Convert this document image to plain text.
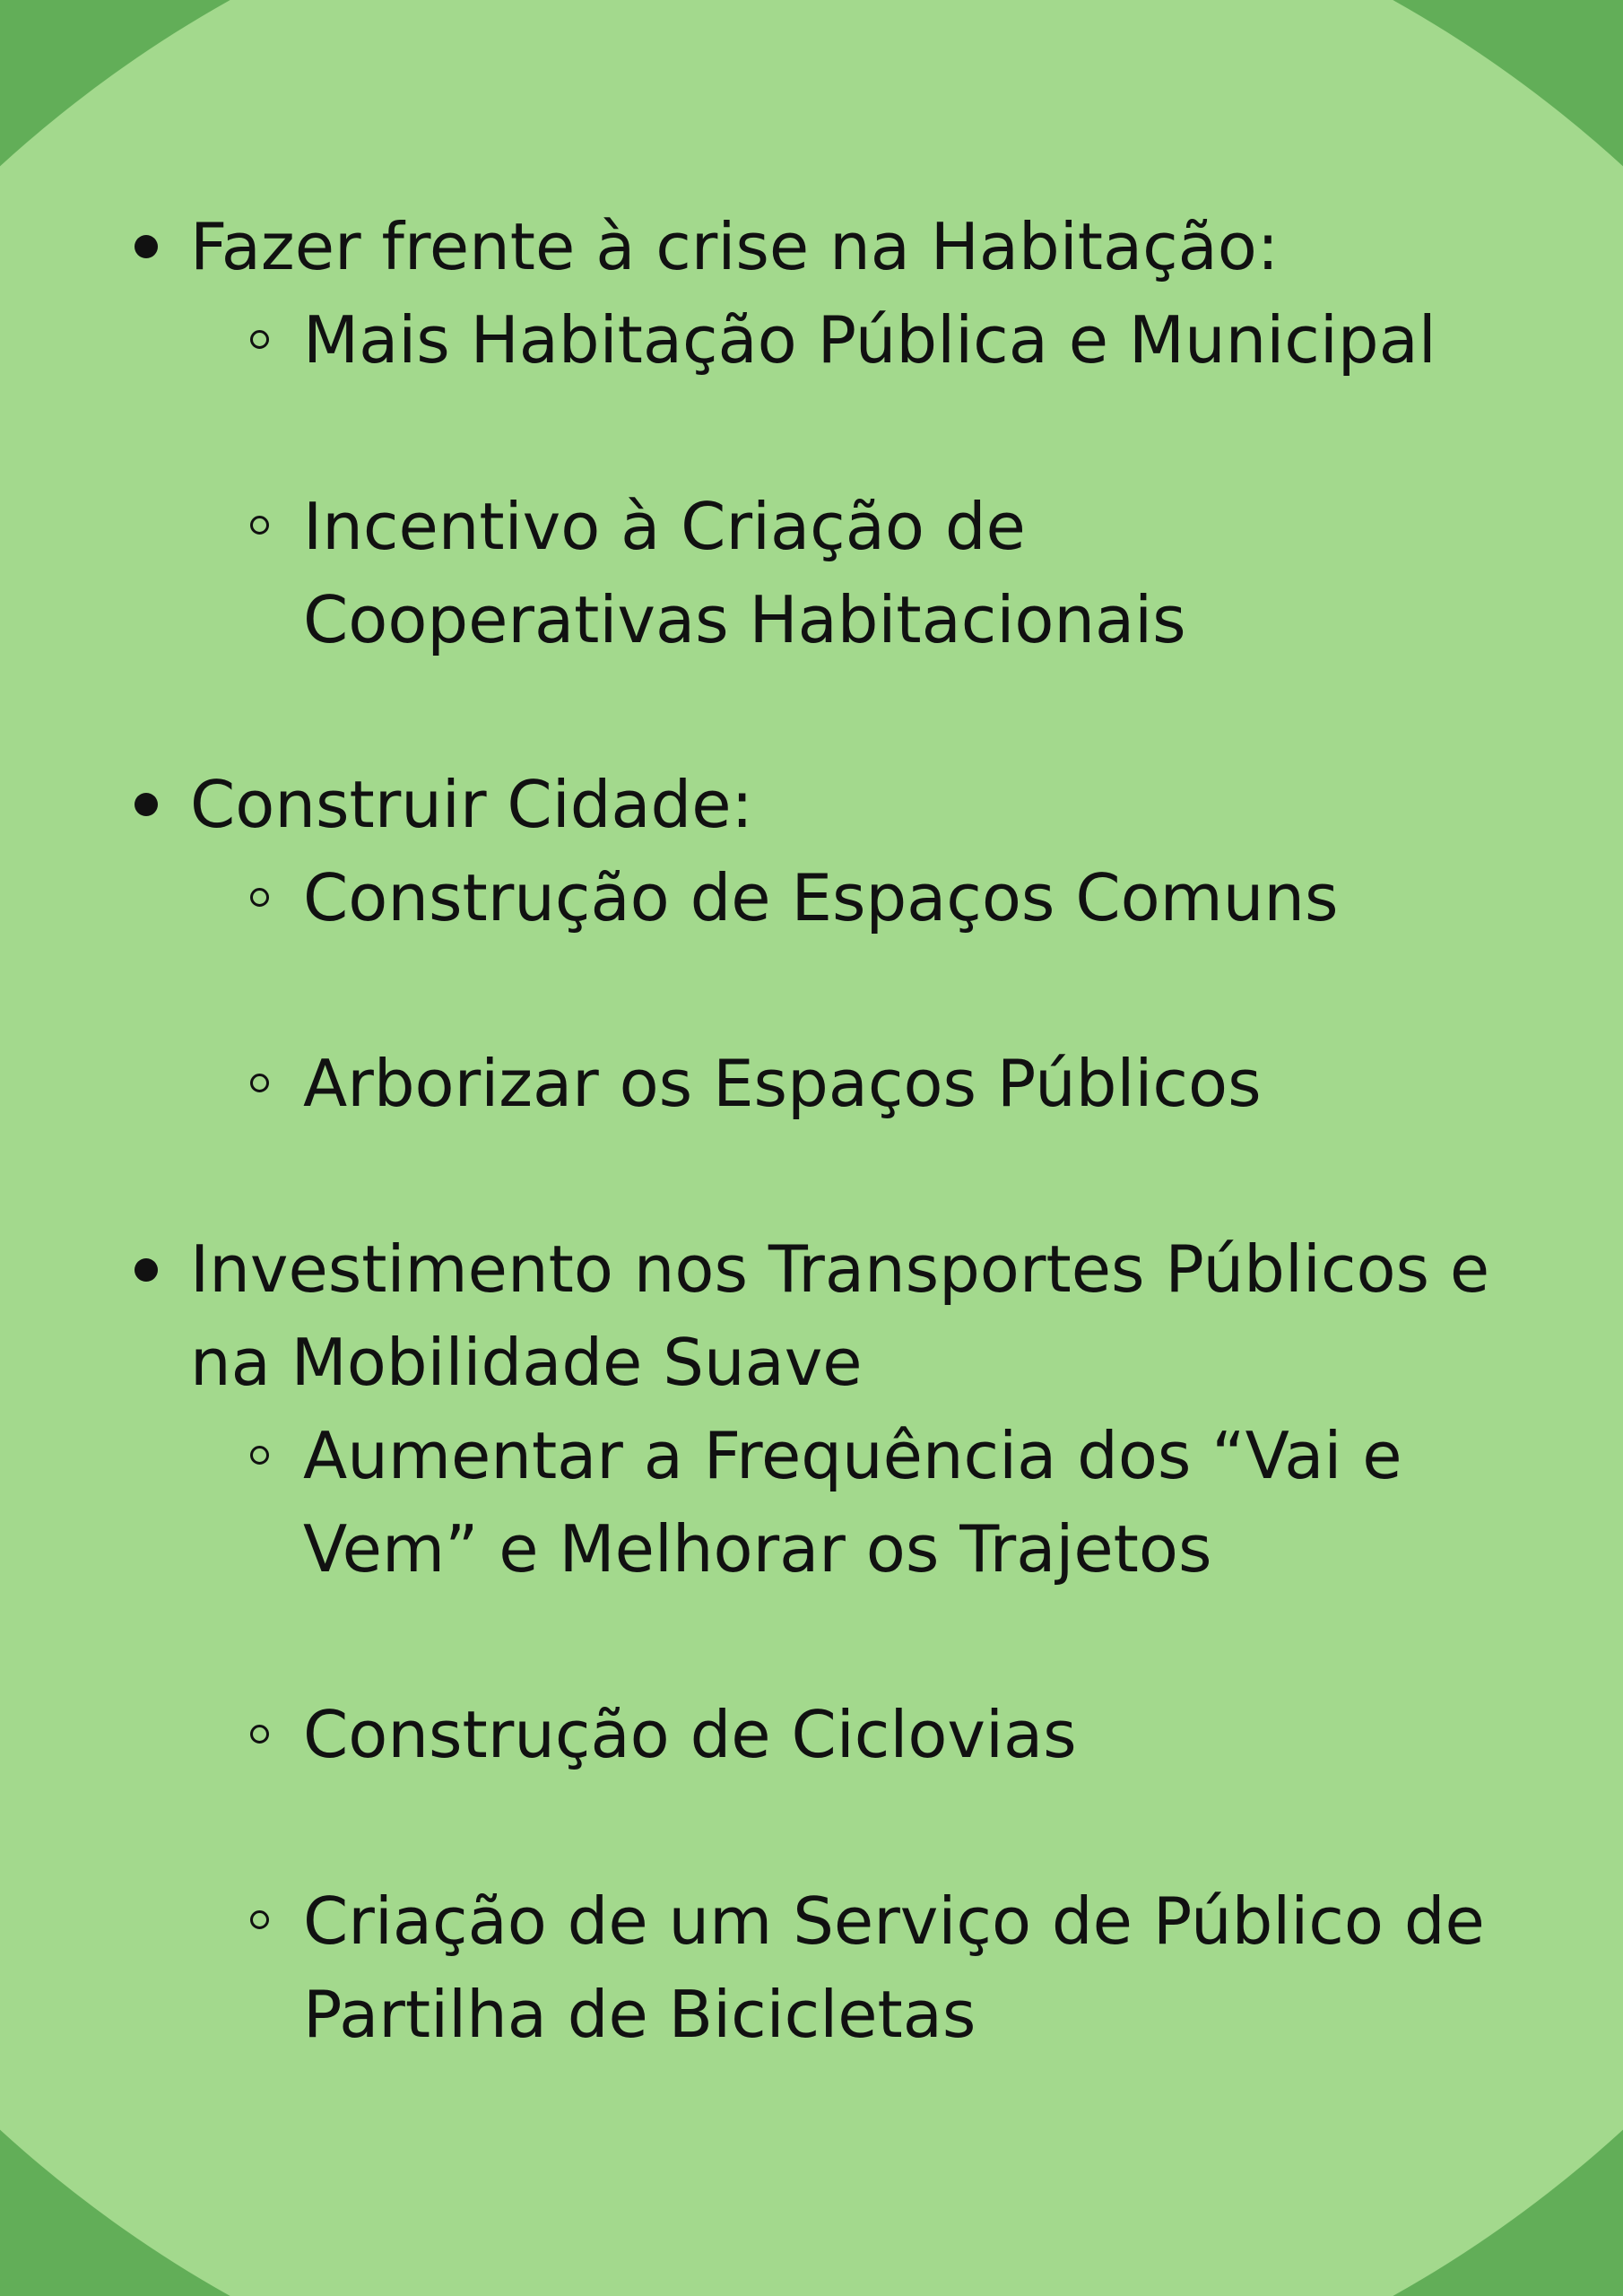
Fazer frente à crise na Habitação:
Mais Habitação Pública e Municipal
Incentivo à Criação de Cooperativas Habitacionais
Construir Cidade:
Construção de Espaços Comuns
Arborizar os Espaços Públicos
Investimento nos Transportes Públicos e na Mobilidade Suave
Aumentar a Frequência dos “Vai e Vem” e Melhorar os Trajetos
Construção de Ciclovias
Criação de um Serviço de Público de Partilha de Bicicletas
